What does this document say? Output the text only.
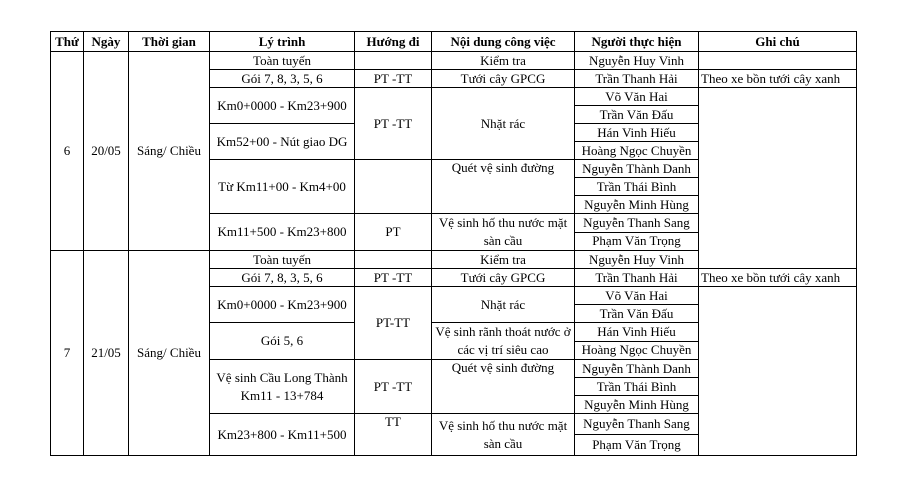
Thứ	Ngày	Thời gian	Lý trình	Hướng đi	Nội dung công việc	Người thực hiện	Ghi chú	
6	20/05	Sáng/ Chiều	Toàn tuyến		Kiểm tra	Nguyễn Huy Vinh		
			Gói 7, 8, 3, 5, 6	PT -TT	Tưới cây GPCG	Trần Thanh Hải	Theo xe bồn tưới cây xanh	
			Km0+0000 - Km23+900	PT -TT	Nhặt rác	Võ Văn Hai		
						Trần Văn Đấu		
			Km52+00 - Nút giao DG			Hán Vinh Hiếu		
						Hoàng Ngọc Chuyền		
			Từ Km11+00 - Km4+00		Quét vệ sinh đường	Nguyễn Thành Danh		
						Trần Thái Bình		
						Nguyễn Minh Hùng		
			Km11+500 - Km23+800	PT	Vệ sinh hố thu nước mặt sàn cầu	Nguyễn Thanh Sang		
						Phạm Văn Trọng		
7	21/05	Sáng/ Chiều	Toàn tuyến		Kiểm tra	Nguyễn Huy Vinh		
			Gói 7, 8, 3, 5, 6	PT -TT	Tưới cây GPCG	Trần Thanh Hải	Theo xe bồn tưới cây xanh	
			Km0+0000 - Km23+900	PT-TT	Nhặt rác	Võ Văn Hai		
						Trần Văn Đấu		
			Gói 5, 6		Vệ sinh rãnh thoát nước ở các vị trí siêu cao	Hán Vinh Hiếu		
						Hoàng Ngọc Chuyền		
			Vệ sinh Cầu Long Thành Km11 - 13+784	PT -TT	Quét vệ sinh đường	Nguyễn Thành Danh		
						Trần Thái Bình		
						Nguyễn Minh Hùng		
			Km23+800 - Km11+500	TT	Vệ sinh hố thu nước mặt sàn cầu	Nguyễn Thanh Sang		
						Phạm Văn Trọng		
